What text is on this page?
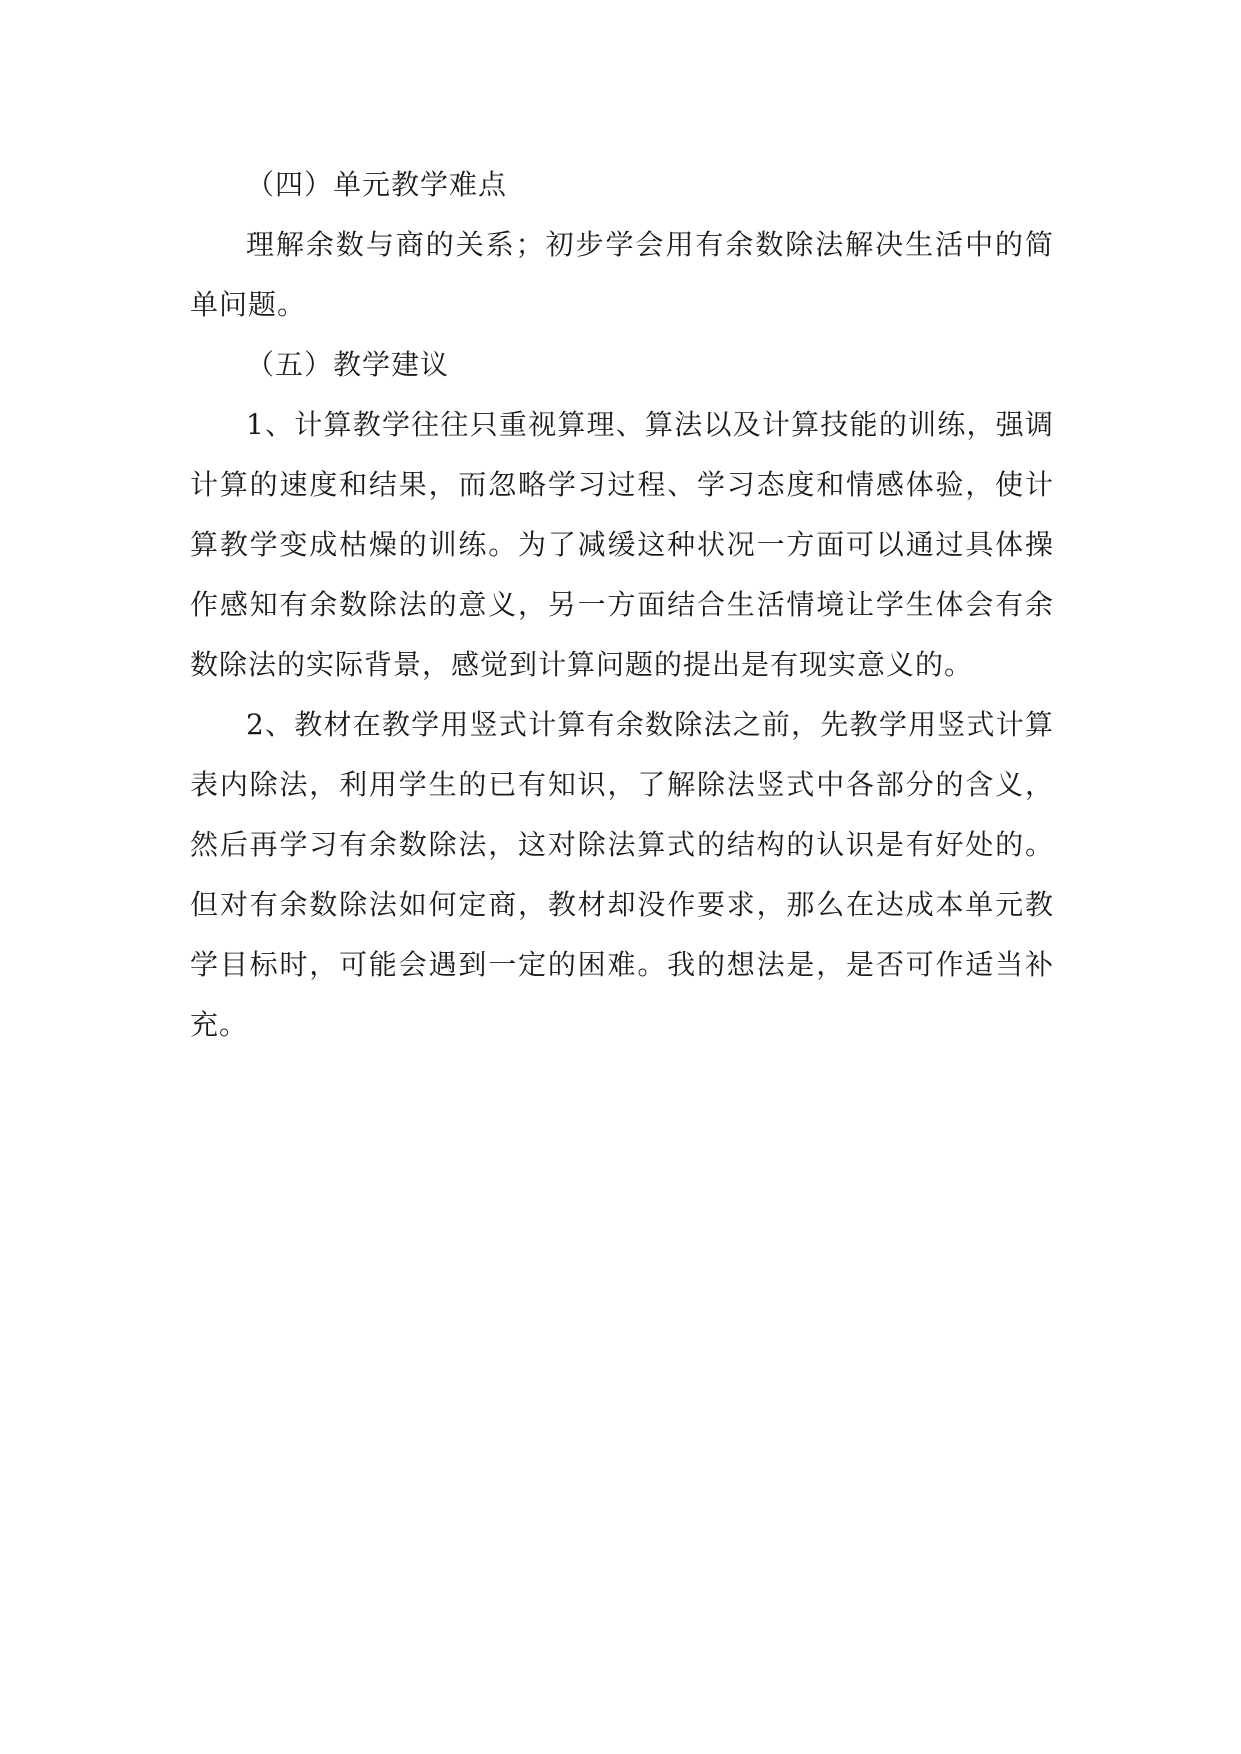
（四）单元教学难点

理解余数与商的关系；初步学会用有余数除法解决生活中的简单问题。

（五）教学建议

1、计算教学往往只重视算理、算法以及计算技能的训练，强调计算的速度和结果，而忽略学习过程、学习态度和情感体验，使计算教学变成枯燥的训练。为了减缓这种状况一方面可以通过具体操作感知有余数除法的意义，另一方面结合生活情境让学生体会有余数除法的实际背景，感觉到计算问题的提出是有现实意义的。

2、教材在教学用竖式计算有余数除法之前，先教学用竖式计算表内除法，利用学生的已有知识，了解除法竖式中各部分的含义，然后再学习有余数除法，这对除法算式的结构的认识是有好处的。但对有余数除法如何定商，教材却没作要求，那么在达成本单元教学目标时，可能会遇到一定的困难。我的想法是，是否可作适当补充。
